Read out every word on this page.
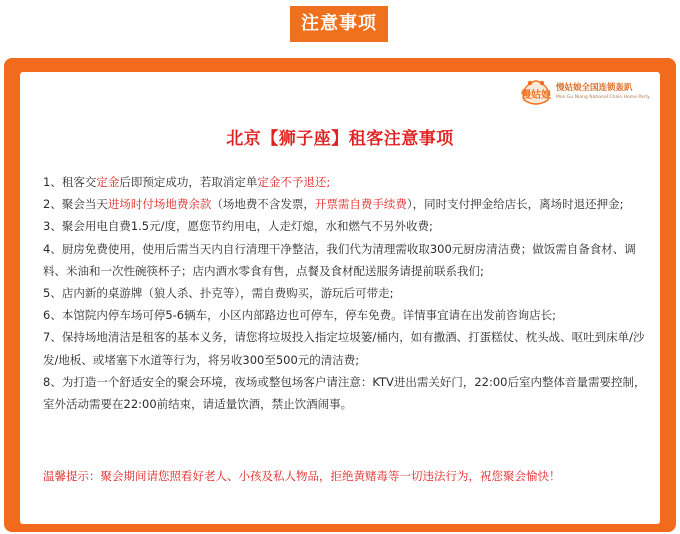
注意事项
慢姑娘
慢姑娘全国连锁轰趴
Man Gu Niang National Chain Home Party
北京【狮子座】租客注意事项
1、租客交定金后即预定成功，若取消定单定金不予退还;
2、聚会当天进场时付场地费余款（场地费不含发票，开票需自费手续费），同时支付押金给店长，离场时退还押金;
3、聚会用电自费1.5元/度，愿您节约用电，人走灯熄，水和燃气不另外收费;
4、厨房免费使用，使用后需当天内自行清理干净整洁，我们代为清理需收取300元厨房清洁费；做饭需自备食材、调料、米油和一次性碗筷杯子；店内酒水零食有售，点餐及食材配送服务请提前联系我们;
5、店内新的桌游牌（狼人杀、扑克等），需自费购买，游玩后可带走;
6、本馆院内停车场可停5-6辆车，小区内部路边也可停车，停车免费。详情事宜请在出发前咨询店长;
7、保持场地清洁是租客的基本义务，请您将垃圾投入指定垃圾篓/桶内，如有撒酒、打蛋糕仗、枕头战、呕吐到床单/沙发/地板、或堵塞下水道等行为，将另收300至500元的清洁费;
8、为打造一个舒适安全的聚会环境，夜场或整包场客户请注意：KTV进出需关好门，22:00后室内整体音量需要控制，室外活动需要在22:00前结束，请适量饮酒，禁止饮酒闹事。
温馨提示：聚会期间请您照看好老人、小孩及私人物品，拒绝黄赌毒等一切违法行为，祝您聚会愉快！
